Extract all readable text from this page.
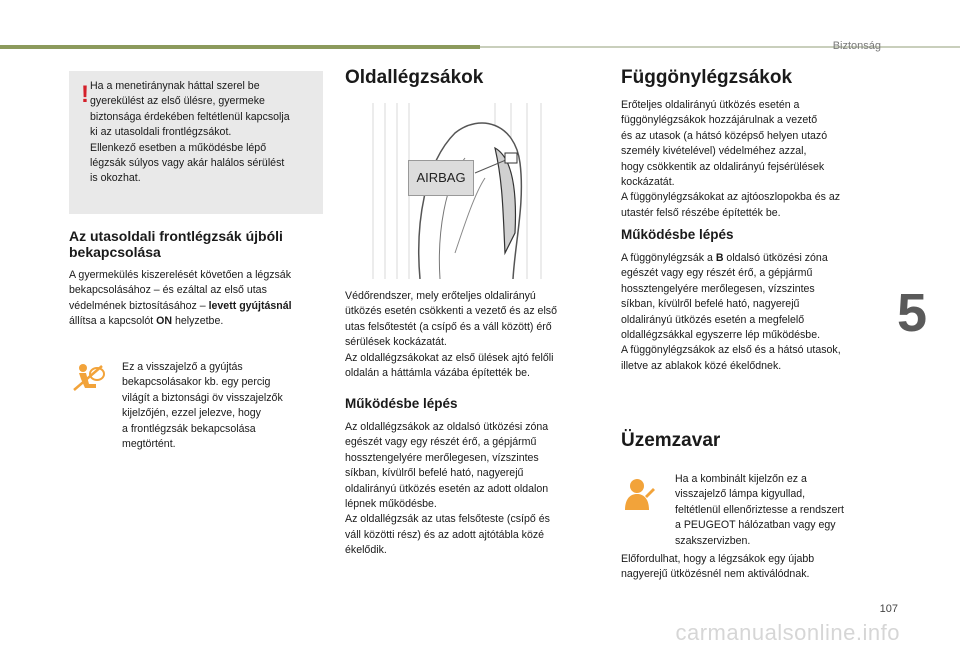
Biztonság
5
! Ha a menetiránynak háttal szerel be

gyerekülést az első ülésre, gyermeke

biztonsága érdekében feltétlenül kapcsolja

ki az utasoldali frontlégzsákot.

Ellenkező esetben a működésbe lépő

légzsák súlyos vagy akár halálos sérülést

is okozhat.

Az utasoldali frontlégzsák újbóli
bekapcsolása

A gyermekülés kiszerelését követően a légzsák

bekapcsolásához – és ezáltal az első utas

védelmének biztosításához – levett gyújtásnál

állítsa a kapcsolót ON helyzetbe.

Ez a visszajelző a gyújtás

bekapcsolásakor kb. egy percig

világít a biztonsági öv visszajelzők

kijelzőjén, ezzel jelezve, hogy

a frontlégzsák bekapcsolása

megtörtént.

Oldallégzsákok
AIRBAG

Védőrendszer, mely erőteljes oldalirányú

ütközés esetén csökkenti a vezető és az első

utas felsőtestét (a csípő és a váll között) érő

sérülések kockázatát.

Az oldallégzsákokat az első ülések ajtó felőli

oldalán a háttámla vázába építették be.

Működésbe lépés

Az oldallégzsákok az oldalsó ütközési zóna

egészét vagy egy részét érő, a gépjármű

hossztengelyére merőlegesen, vízszintes

síkban, kívülről befelé ható, nagyerejű

oldalirányú ütközés esetén az adott oldalon

lépnek működésbe.

Az oldallégzsák az utas felsőteste (csípő és

váll közötti rész) és az adott ajtótábla közé

ékelődik.

Függönylégzsákok

Erőteljes oldalirányú ütközés esetén a

függönylégzsákok hozzájárulnak a vezető

és az utasok (a hátsó középső helyen utazó

személy kivételével) védelméhez azzal,

hogy csökkentik az oldalirányú fejsérülések

kockázatát.

A függönylégzsákokat az ajtóoszlopokba és az

utastér felső részébe építették be.

Működésbe lépés

A függönylégzsák a B oldalsó ütközési zóna

egészét vagy egy részét érő, a gépjármű

hossztengelyére merőlegesen, vízszintes

síkban, kívülről befelé ható, nagyerejű

oldalirányú ütközés esetén a megfelelő

oldallégzsákkal egyszerre lép működésbe.

A függönylégzsákok az első és a hátsó utasok,

illetve az ablakok közé ékelődnek.

Üzemzavar

Ha a kombinált kijelzőn ez a

visszajelző lámpa kigyullad,

feltétlenül ellenőriztesse a rendszert

a PEUGEOT hálózatban vagy egy

szakszervizben.

Előfordulhat, hogy a légzsákok egy újabb

nagyerejű ütközésnél nem aktiválódnak.

107
carmanualsonline.info
